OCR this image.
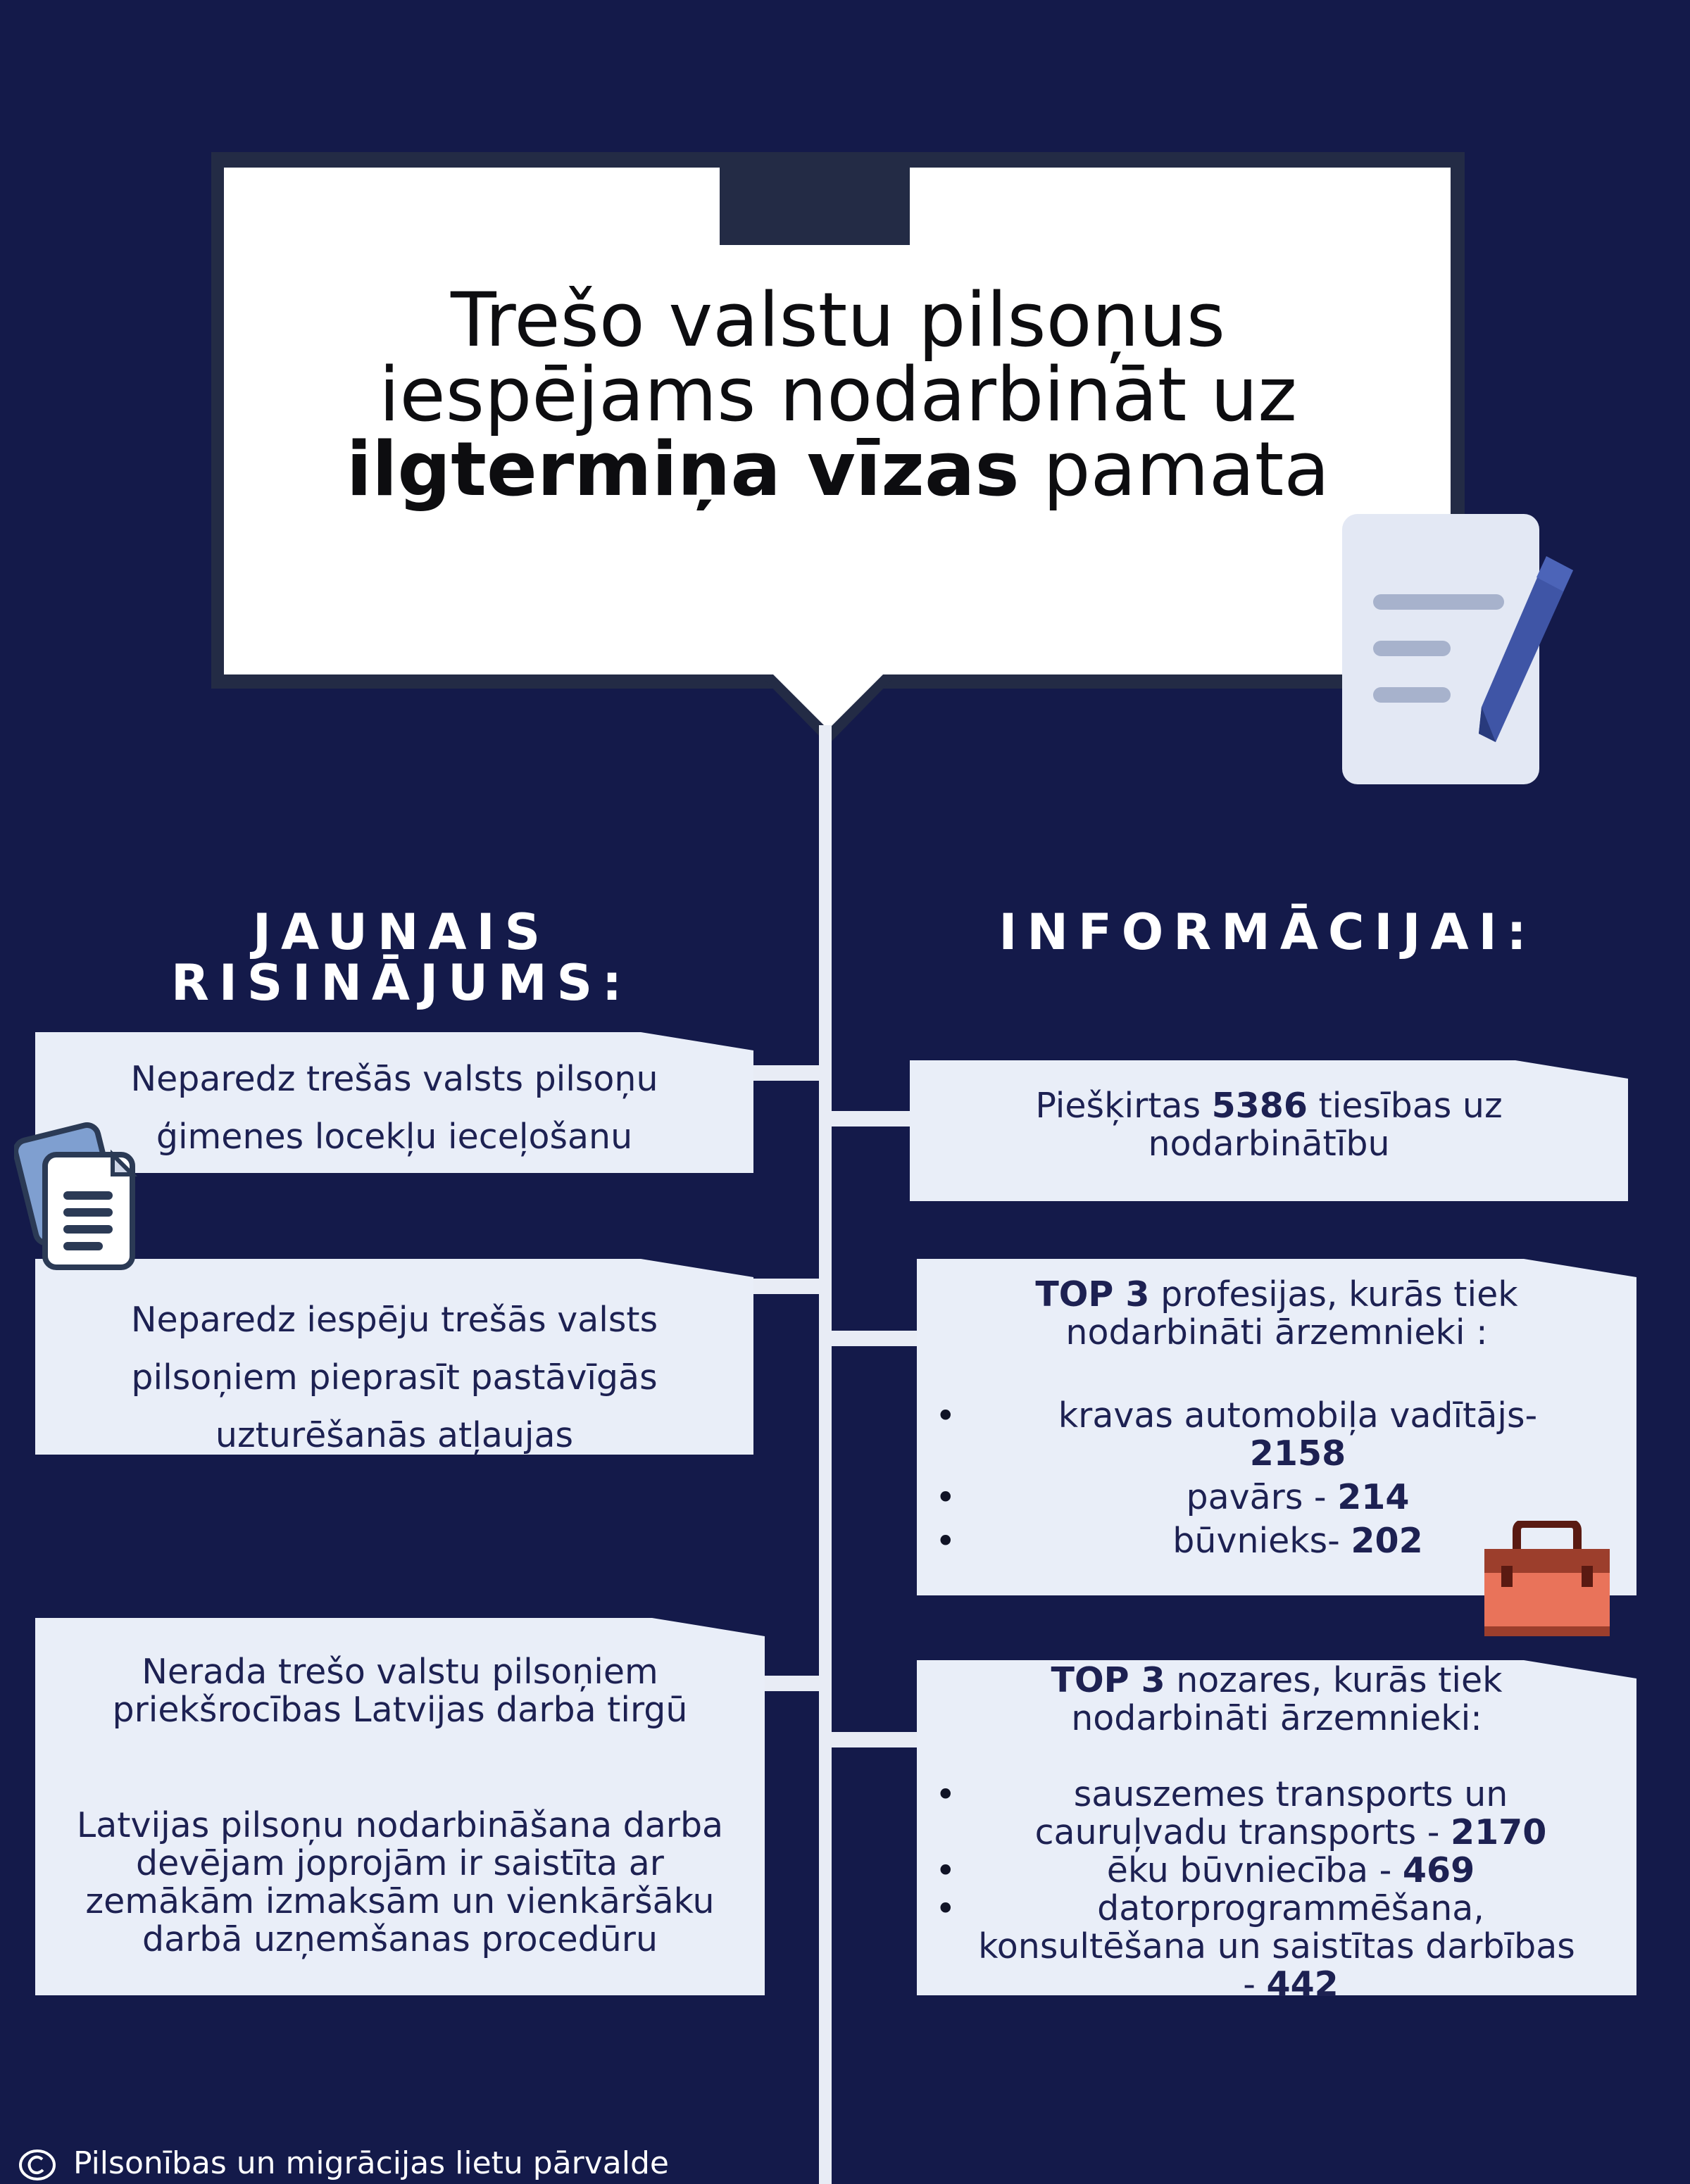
Trešo valstu pilsoņus
iespējams nodarbināt uz
ilgtermiņa vīzas pamata
JAUNAIS
RISINĀJUMS:
INFORMĀCIJAI:
Neparedz trešās valsts pilsoņu
ģimenes locekļu ieceļošanu
Neparedz iespēju trešās valsts
pilsoņiem pieprasīt pastāvīgās
uzturēšanās atļaujas
Nerada trešo valstu pilsoņiem
priekšrocības Latvijas darba tirgū
Latvijas pilsoņu nodarbināšana darba
devējam joprojām ir saistīta ar
zemākām izmaksām un vienkāršāku
darbā uzņemšanas procedūru
Piešķirtas 5386 tiesības uz
nodarbinātību
TOP 3 profesijas, kurās tiek
nodarbināti ārzemnieki :
• kravas automobiļa vadītājs-
2158
• pavārs - 214
• būvnieks- 202
TOP 3 nozares, kurās tiek
nodarbināti ārzemnieki:
• sauszemes transports un
cauruļvadu transports - 2170
• ēku būvniecība - 469
• datorprogrammēšana,
konsultēšana un saistītas darbības
- 442
Pilsonības un migrācijas lietu pārvalde
